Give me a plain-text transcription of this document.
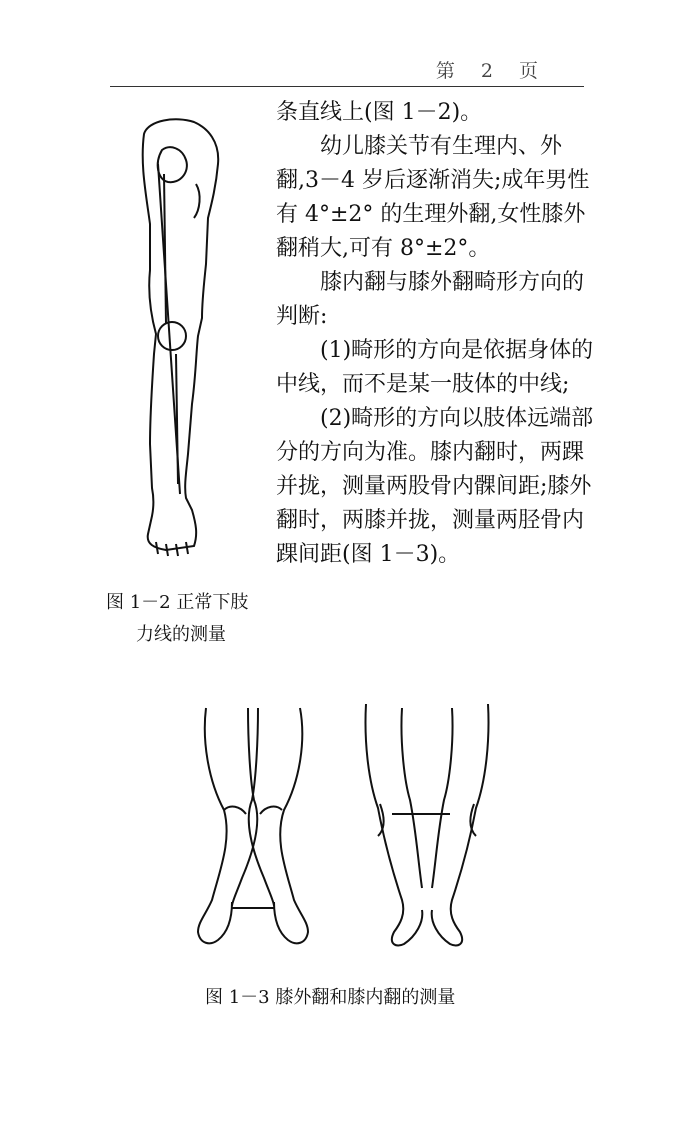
第 2 页

条直线上(图 1－2)。

幼儿膝关节有生理内、外翻,3－4 岁后逐渐消失;成年男性有 4°±2° 的生理外翻,女性膝外翻稍大,可有 8°±2°。

膝内翻与膝外翻畸形方向的判断:

(1)畸形的方向是依据身体的中线，而不是某一肢体的中线;

(2)畸形的方向以肢体远端部分的方向为准。膝内翻时，两踝并拢，测量两股骨内髁间距;膝外翻时，两膝并拢，测量两胫骨内踝间距(图 1－3)。

图 1－2 正常下肢
力线的测量
图 1－3 膝外翻和膝内翻的测量
